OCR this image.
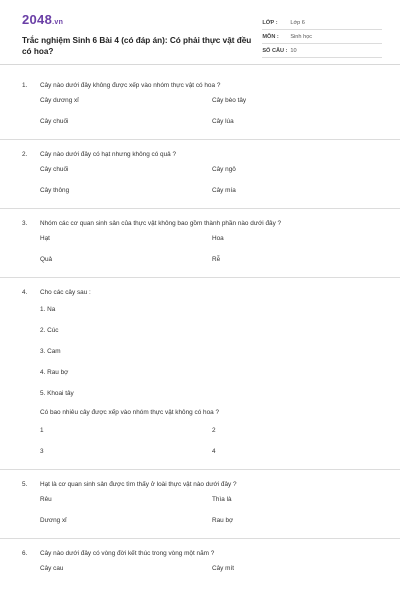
2048.vn
Trắc nghiệm Sinh 6 Bài 4 (có đáp án): Có phải thực vật đều có hoa?
LỚP :	Lớp 6
MÔN :	Sinh học
SỐ CÂU : 10
1.	Cây nào dưới đây không được xếp vào nhóm thực vật có hoa ?
Cây dương xỉ	Cây bèo tây
Cây chuối	Cây lúa
2.	Cây nào dưới đây có hạt nhưng không có quả ?
Cây chuối	Cây ngô
Cây thông	Cây mía
3.	Nhóm các cơ quan sinh sản của thực vật không bao gồm thành phần nào dưới đây ?
Hạt	Hoa
Quả	Rễ
4.	Cho các cây sau :
1. Na
2. Cúc
3. Cam
4. Rau bợ
5. Khoai tây
Có bao nhiêu cây được xếp vào nhóm thực vật không có hoa ?
1	2
3	4
5.	Hạt là cơ quan sinh sản được tìm thấy ở loài thực vật nào dưới đây ?
Rêu	Thìa là
Dương xỉ	Rau bợ
6.	Cây nào dưới đây có vòng đời kết thúc trong vòng một năm ?
Cây cau	Cây mít
